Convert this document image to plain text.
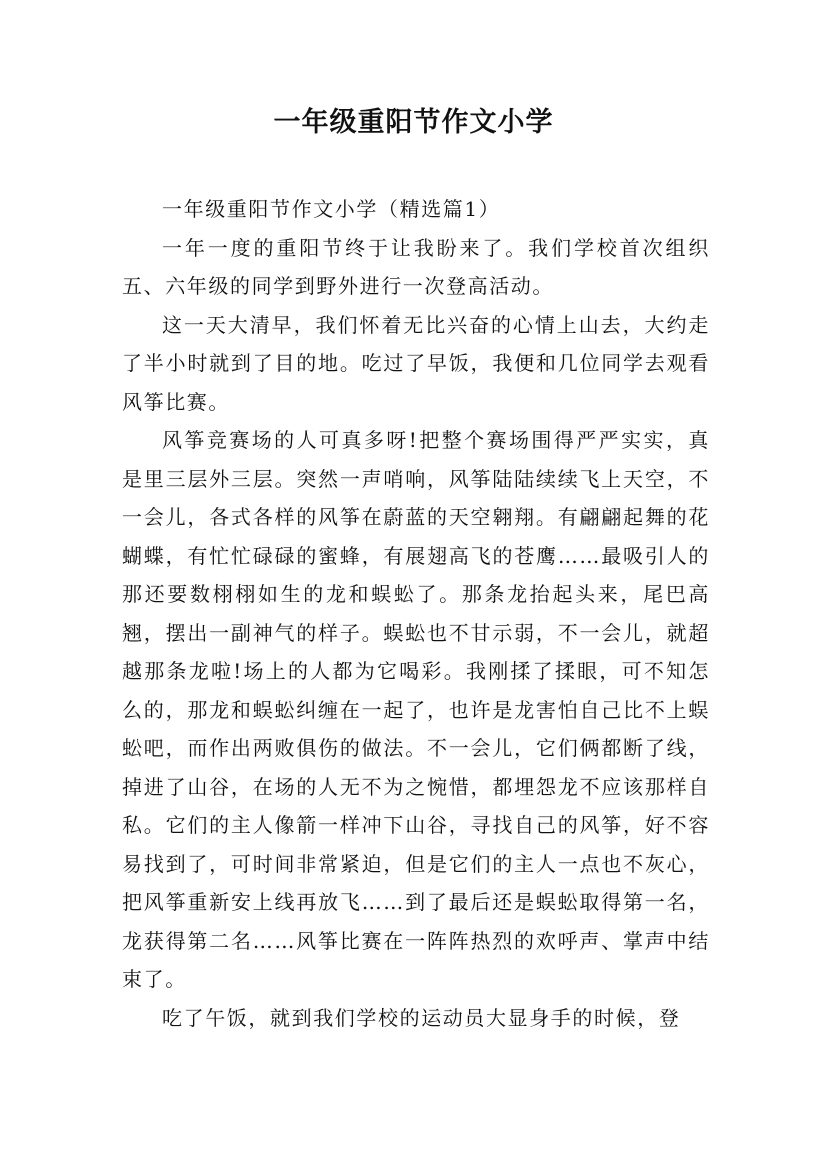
一年级重阳节作文小学

一年级重阳节作文小学（精选篇1）

一年一度的重阳节终于让我盼来了。我们学校首次组织五、六年级的同学到野外进行一次登高活动。

这一天大清早，我们怀着无比兴奋的心情上山去，大约走了半小时就到了目的地。吃过了早饭，我便和几位同学去观看风筝比赛。

风筝竞赛场的人可真多呀!把整个赛场围得严严实实，真是里三层外三层。突然一声哨响，风筝陆陆续续飞上天空，不一会儿，各式各样的风筝在蔚蓝的天空翱翔。有翩翩起舞的花蝴蝶，有忙忙碌碌的蜜蜂，有展翅高飞的苍鹰……最吸引人的那还要数栩栩如生的龙和蜈蚣了。那条龙抬起头来，尾巴高翘，摆出一副神气的样子。蜈蚣也不甘示弱，不一会儿，就超越那条龙啦!场上的人都为它喝彩。我刚揉了揉眼，可不知怎么的，那龙和蜈蚣纠缠在一起了，也许是龙害怕自己比不上蜈蚣吧，而作出两败俱伤的做法。不一会儿，它们俩都断了线，掉进了山谷，在场的人无不为之惋惜，都埋怨龙不应该那样自私。它们的主人像箭一样冲下山谷，寻找自己的风筝，好不容易找到了，可时间非常紧迫，但是它们的主人一点也不灰心，把风筝重新安上线再放飞……到了最后还是蜈蚣取得第一名，龙获得第二名……风筝比赛在一阵阵热烈的欢呼声、掌声中结束了。

吃了午饭，就到我们学校的运动员大显身手的时候，登
